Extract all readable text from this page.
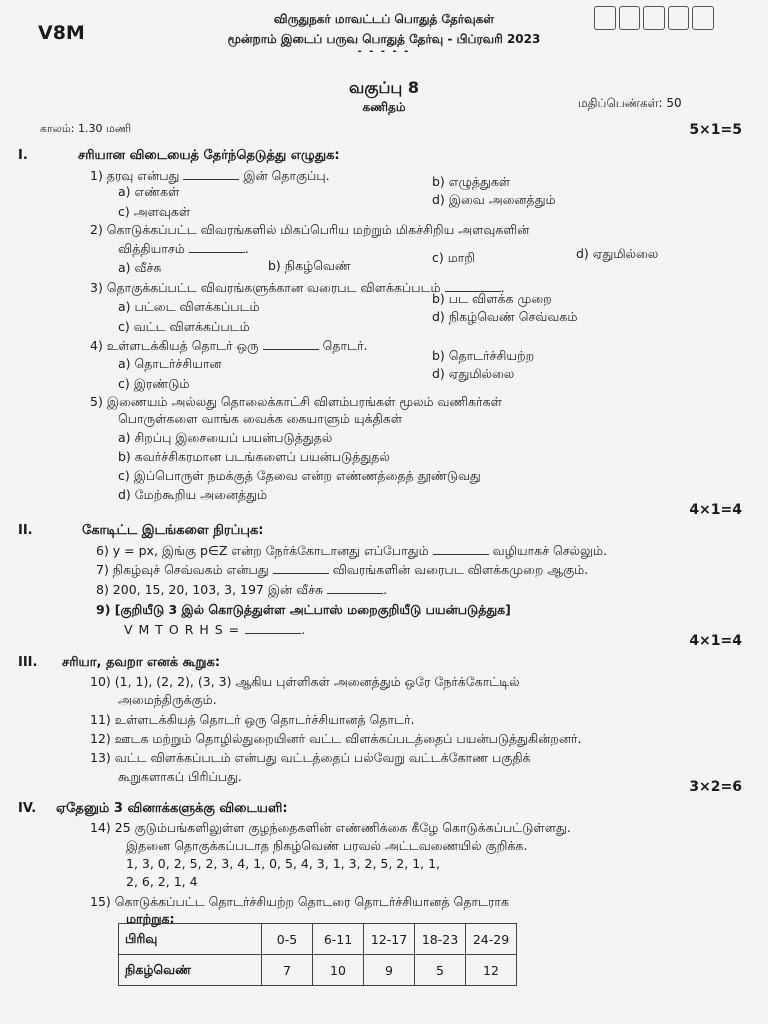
V8M
விருதுநகர் மாவட்டப் பொதுத் தேர்வுகள்
மூன்றாம் இடைப் பருவ பொதுத் தேர்வு - பிப்ரவரி 2023
- - - - -
வகுப்பு 8
கணிதம்	மதிப்பெண்கள்: 50
காலம்: 1.30 மணி	5×1=5
I.	சரியான விடையைத் தேர்ந்தெடுத்து எழுதுக:
1) தரவு என்பது	இன் தொகுப்பு.
a) எண்கள்
b) எழுத்துகள்
c) அளவுகள்
d) இவை அனைத்தும்
2) கொடுக்கப்பட்ட விவரங்களில் மிகப்பெரிய மற்றும் மிகச்சிறிய அளவுகளின்
வித்தியாசம்	.
a) வீச்சு	b) நிகழ்வெண்
c) மாறி	d) ஏதுமில்லை
3) தொகுக்கப்பட்ட விவரங்களுக்கான வரைபட விளக்கப்படம்	.
a) பட்டை விளக்கப்படம்
b) பட விளக்க முறை
c) வட்ட விளக்கப்படம்
d) நிகழ்வெண் செவ்வகம்
4) உள்ளடக்கியத் தொடர் ஒரு	தொடர்.
a) தொடர்ச்சியான
b) தொடர்ச்சியற்ற
c) இரண்டும்
d) ஏதுமில்லை
5) இணையம் அல்லது தொலைக்காட்சி விளம்பரங்கள் மூலம் வணிகர்கள்
பொருள்களை வாங்க வைக்க கையாளும் யுக்திகள்
a) சிறப்பு இசையைப் பயன்படுத்துதல்
b) கவர்ச்சிகரமான படங்களைப் பயன்படுத்துதல்
c) இப்பொருள் நமக்குத் தேவை என்ற எண்ணத்தைத் தூண்டுவது
d) மேற்கூறிய அனைத்தும்
4×1=4
II.	கோடிட்ட இடங்களை நிரப்புக:
6) y = px, இங்கு p∈Z என்ற நேர்க்கோடானது எப்போதும்	வழியாகச் செல்லும்.
7) நிகழ்வுச் செவ்வகம் என்பது	விவரங்களின் வரைபட விளக்கமுறை ஆகும்.
8) 200, 15, 20, 103, 3, 197 இன் வீச்சு	.
9) [குறியீடு 3 இல் கொடுத்துள்ள அட்பாஸ் மறைகுறியீடு பயன்படுத்துக]
V M T O R H S =	.
4×1=4
III. சரியா, தவறா எனக் கூறுக:
10) (1, 1), (2, 2), (3, 3) ஆகிய புள்ளிகள் அனைத்தும் ஒரே நேர்க்கோட்டில்
அமைந்திருக்கும்.
11) உள்ளடக்கியத் தொடர் ஒரு தொடர்ச்சியானத் தொடர்.
12) ஊடக மற்றும் தொழில்துறையினர் வட்ட விளக்கப்படத்தைப் பயன்படுத்துகின்றனர்.
13) வட்ட விளக்கப்படம் என்பது வட்டத்தைப் பல்வேறு வட்டக்கோண பகுதிக்
கூறுகளாகப் பிரிப்பது.
3×2=6
IV. ஏதேனும் 3 வினாக்களுக்கு விடையளி:
14) 25 குடும்பங்களிலுள்ள குழந்தைகளின் எண்ணிக்கை கீழே கொடுக்கப்பட்டுள்ளது.
இதனை தொகுக்கப்படாத நிகழ்வெண் பரவல் அட்டவணையில் குறிக்க.
1, 3, 0, 2, 5, 2, 3, 4, 1, 0, 5, 4, 3, 1, 3, 2, 5, 2, 1, 1,
2, 6, 2, 1, 4
15) கொடுக்கப்பட்ட தொடர்ச்சியற்ற தொடரை தொடர்ச்சியானத் தொடராக
மாற்றுக:
பிரிவு	0-5	6-11	12-17	18-23	24-29
நிகழ்வெண்	7	10	9	5	12
